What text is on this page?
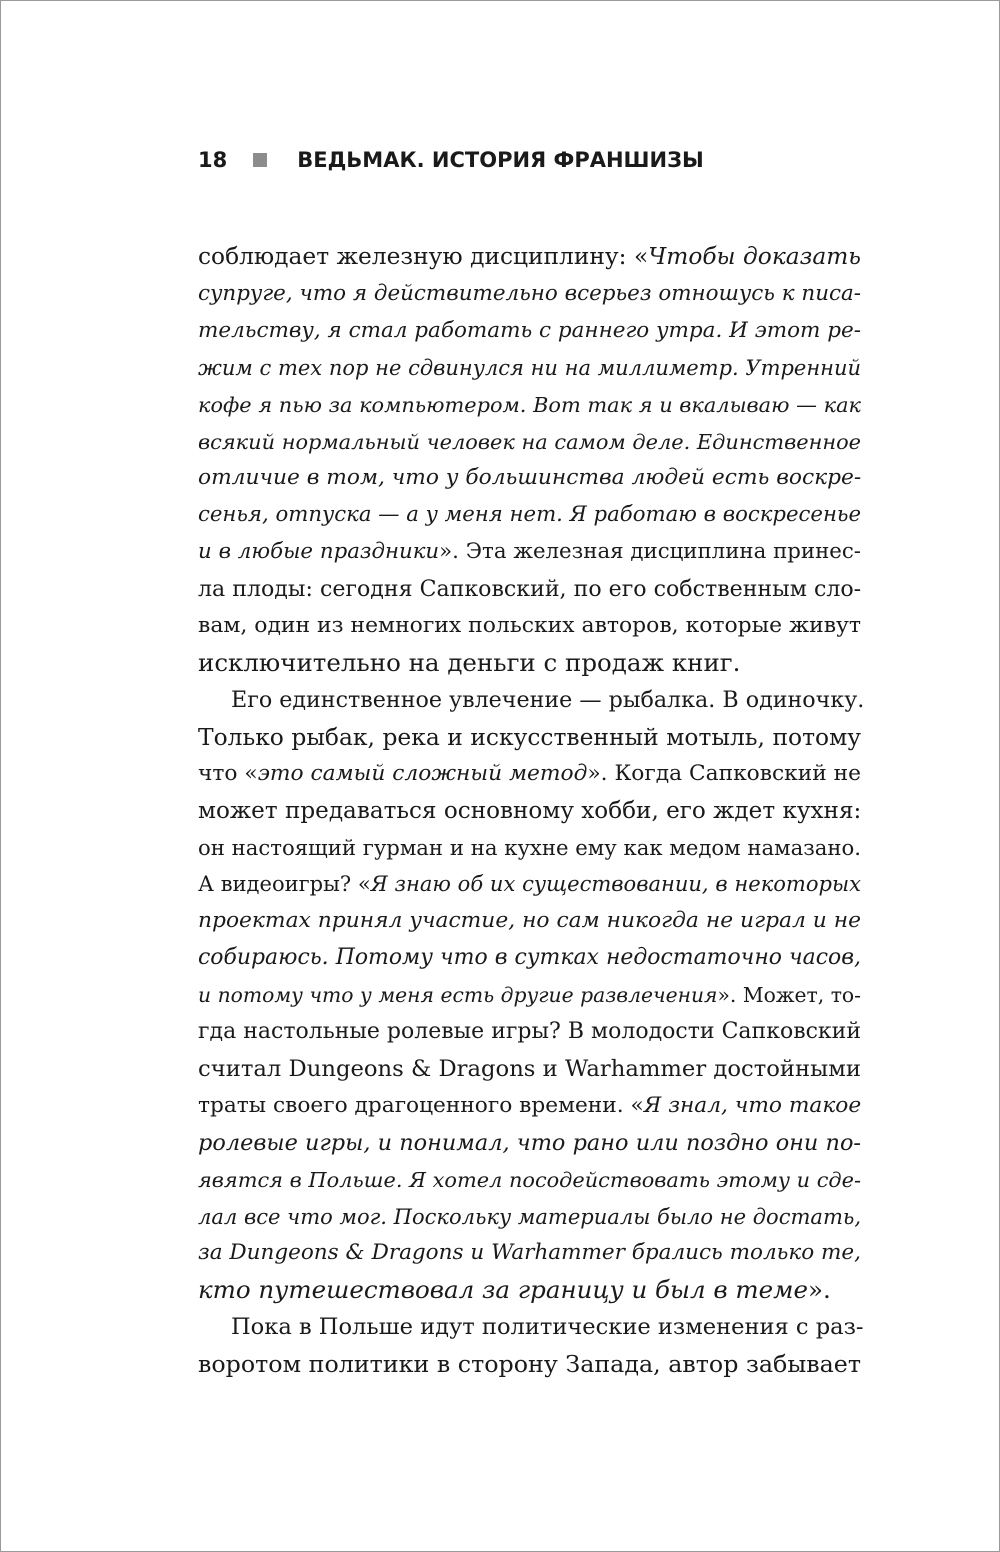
18	ВЕДЬМАК. ИСТОРИЯ ФРАНШИЗЫ
соблюдает железную дисциплину: «Чтобы доказать
супруге, что я действительно всерьез отношусь к писа-
тельству, я стал работать с раннего утра. И этот ре-
жим с тех пор не сдвинулся ни на миллиметр. Утренний
кофе я пью за компьютером. Вот так я и вкалываю — как
всякий нормальный человек на самом деле. Единственное
отличие в том, что у большинства людей есть воскре-
сенья, отпуска — а у меня нет. Я работаю в воскресенье
и в любые праздники». Эта железная дисциплина принес-
ла плоды: сегодня Сапковский, по его собственным сло-
вам, один из немногих польских авторов, которые живут
исключительно на деньги с продаж книг.
Его единственное увлечение — рыбалка. В одиночку.
Только рыбак, река и искусственный мотыль, потому
что «это самый сложный метод». Когда Сапковский не
может предаваться основному хобби, его ждет кухня:
он настоящий гурман и на кухне ему как медом намазано.
А видеоигры? «Я знаю об их существовании, в некоторых
проектах принял участие, но сам никогда не играл и не
собираюсь. Потому что в сутках недостаточно часов,
и потому что у меня есть другие развлечения». Может, то-
гда настольные ролевые игры? В молодости Сапковский
считал Dungeons & Dragons и Warhammer достойными
траты своего драгоценного времени. «Я знал, что такое
ролевые игры, и понимал, что рано или поздно они по-
явятся в Польше. Я хотел посодействовать этому и сде-
лал все что мог. Поскольку материалы было не достать,
за Dungeons & Dragons и Warhammer брались только те,
кто путешествовал за границу и был в теме».
Пока в Польше идут политические изменения с раз-
воротом политики в сторону Запада, автор забывает
